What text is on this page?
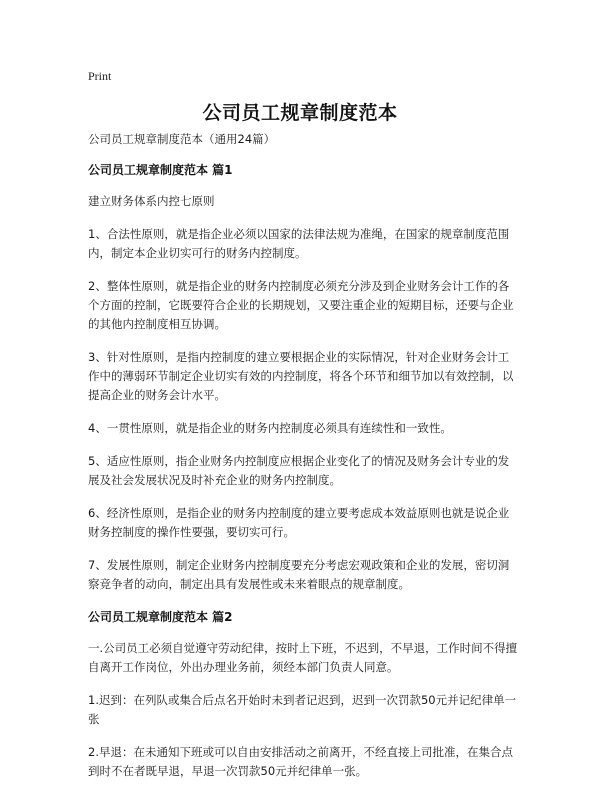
Print
公司员工规章制度范本

公司员工规章制度范本（通用24篇）

公司员工规章制度范本 篇1

建立财务体系内控七原则

1、合法性原则，就是指企业必须以国家的法律法规为准绳，在国家的规章制度范围内，制定本企业切实可行的财务内控制度。

2、整体性原则，就是指企业的财务内控制度必须充分涉及到企业财务会计工作的各个方面的控制，它既要符合企业的长期规划，又要注重企业的短期目标，还要与企业的其他内控制度相互协调。

3、针对性原则，是指内控制度的建立要根据企业的实际情况，针对企业财务会计工作中的薄弱环节制定企业切实有效的内控制度，将各个环节和细节加以有效控制，以提高企业的财务会计水平。

4、一贯性原则，就是指企业的财务内控制度必须具有连续性和一致性。

5、适应性原则，指企业财务内控制度应根据企业变化了的情况及财务会计专业的发展及社会发展状况及时补充企业的财务内控制度。

6、经济性原则，是指企业的财务内控制度的建立要考虑成本效益原则也就是说企业财务控制度的操作性要强，要切实可行。

7、发展性原则，制定企业财务内控制度要充分考虑宏观政策和企业的发展，密切洞察竞争者的动向，制定出具有发展性或未来着眼点的规章制度。

公司员工规章制度范本 篇2

一.公司员工必须自觉遵守劳动纪律，按时上下班，不迟到，不早退，工作时间不得擅自离开工作岗位，外出办理业务前，须经本部门负责人同意。

1.迟到：在列队或集合后点名开始时未到者记迟到，迟到一次罚款50元并记纪律单一张

2.早退：在未通知下班或可以自由安排活动之前离开，不经直接上司批准，在集合点到时不在者既早退，早退一次罚款50元并纪律单一张。
